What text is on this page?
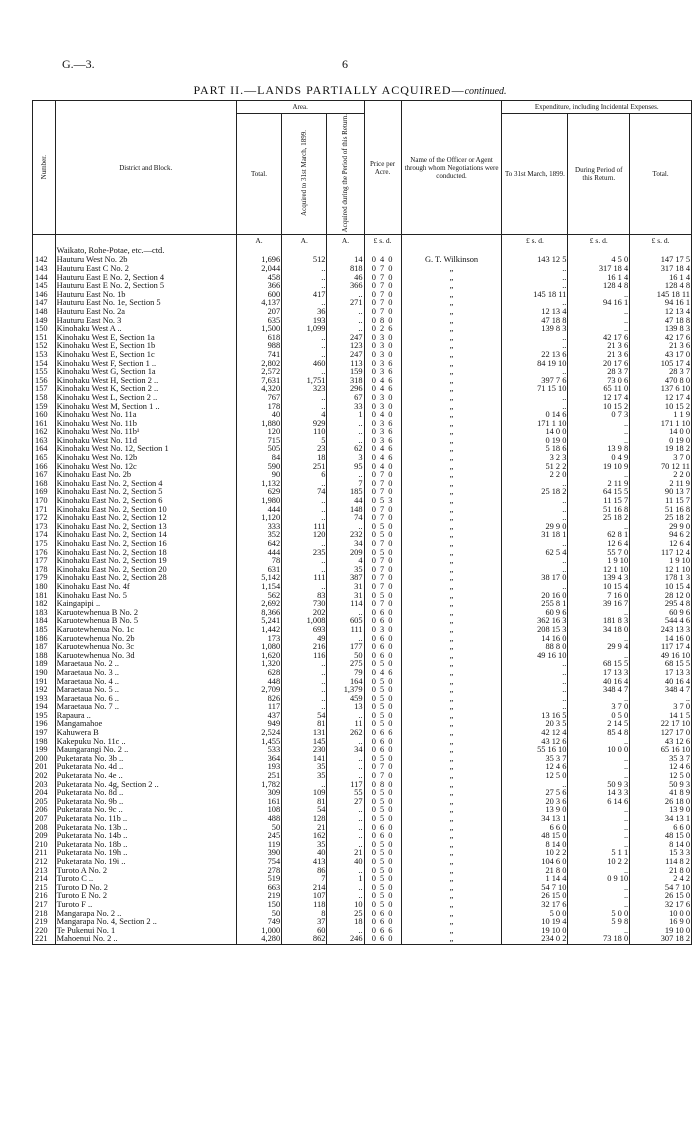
G.—3.	6
PART II.—LANDS PARTIALLY ACQUIRED—continued.
Number.	District and Block.	Area.			Price per Acre.	Name of the Officer or Agent through whom Negotiations were conducted.	Expenditure, including Incidental Expenses.		
		Total.	Acquired to 31st March, 1899.	Acquired during the Period of this Return.			To 31st March, 1899.	During Period of this Return.	Total.
		A.	A.	A.	£ s. d.		£ s. d.	£ s. d.	£ s. d.
	Waikato, Rohe-Potae, etc.—ctd.								
142	Hauturu West No. 2b	1,696	512	14	0 4 0	G. T. Wilkinson	143 12 5	4 5 0	147 17 5
143	Hauturu East C No. 2	2,044	..	818	0 7 0	„	..	317 18 4	317 18 4
144	Hauturu East E No. 2, Section 4	458	..	46	0 7 0	„	..	16 1 4	16 1 4
145	Hauturu East E No. 2, Section 5	366	..	366	0 7 0	„	..	128 4 8	128 4 8
146	Hauturu East No. 1b	600	417	..	0 7 0	„	145 18 11	..	145 18 11
147	Hauturu East No. 1e, Section 5	4,137	..	271	0 7 0	„	..	94 16 1	94 16 1
148	Hauturu East No. 2a	207	36	..	0 7 0	„	12 13 4	..	12 13 4
149	Hauturu East No. 3	635	193	..	0 8 0	„	47 18 8	..	47 18 8
150	Kinohaku West A ..	1,500	1,099	..	0 2 6	„	139 8 3	..	139 8 3
151	Kinohaku West E, Section 1a	618	..	247	0 3 0	„	..	42 17 6	42 17 6
152	Kinohaku West E, Section 1b	988	..	123	0 3 0	„	..	21 3 6	21 3 6
153	Kinohaku West E, Section 1c	741	..	247	0 3 0	„	22 13 6	21 3 6	43 17 0
154	Kinohaku West F, Section 1 ..	2,802	460	113	0 3 6	„	84 19 10	20 17 6	105 17 4
155	Kinohaku West G, Section 1a	2,572	..	159	0 3 6	„	..	28 3 7	28 3 7
156	Kinohaku West H, Section 2 ..	7,631	1,751	318	0 4 6	„	397 7 6	73 0 6	470 8 0
157	Kinohaku West K, Section 2 ..	4,320	323	296	0 4 6	„	71 15 10	65 11 0	137 6 10
158	Kinohaku West L, Section 2 ..	767	..	67	0 3 0	„	..	12 17 4	12 17 4
159	Kinohaku West M, Section 1 ..	178	..	33	0 3 0	„	..	10 15 2	10 15 2
160	Kinohaku West No. 11a	40	4	1	0 4 0	„	0 14 6	0 7 3	1 1 9
161	Kinohaku West No. 11b	1,880	929	..	0 3 6	„	171 1 10	..	171 1 10
162	Kinohaku West No. 11b¹	120	110	..	0 3 6	„	14 0 0	..	14 0 0
163	Kinohaku West No. 11d	715	5	..	0 3 6	„	0 19 0	..	0 19 0
164	Kinohaku West No. 12, Section 1	505	23	62	0 4 6	„	5 18 6	13 9 8	19 18 2
165	Kinohaku West No. 12b	84	18	3	0 4 6	„	3 2 3	0 4 9	3 7 0
166	Kinohaku West No. 12c	590	251	95	0 4 0	„	51 2 2	19 10 9	70 12 11
167	Kinohaku East No. 2b	90	6	..	0 7 0	„	2 2 0	..	2 2 0
168	Kinohaku East No. 2, Section 4	1,132	..	7	0 7 0	„	..	2 11 9	2 11 9
169	Kinohaku East No. 2, Section 5	629	74	185	0 7 0	„	25 18 2	64 15 5	90 13 7
170	Kinohaku East No. 2, Section 6	1,980	..	44	0 5 3	„	..	11 15 7	11 15 7
171	Kinohaku East No. 2, Section 10	444	..	148	0 7 0	„	..	51 16 8	51 16 8
172	Kinohaku East No. 2, Section 12	1,120	..	74	0 7 0	„	..	25 18 2	25 18 2
173	Kinohaku East No. 2, Section 13	333	111	..	0 5 0	„	29 9 0	..	29 9 0
174	Kinohaku East No. 2, Section 14	352	120	232	0 5 0	„	31 18 1	62 8 1	94 6 2
175	Kinohaku East No. 2, Section 16	642	..	34	0 7 0	„	..	12 6 4	12 6 4
176	Kinohaku East No. 2, Section 18	444	235	209	0 5 0	„	62 5 4	55 7 0	117 12 4
177	Kinohaku East No. 2, Section 19	78	..	4	0 7 0	„	..	1 9 10	1 9 10
178	Kinohaku East No. 2, Section 20	631	..	35	0 7 0	„	..	12 1 10	12 1 10
179	Kinohaku East No. 2, Section 28	5,142	111	387	0 7 0	„	38 17 0	139 4 3	178 1 3
180	Kinohaku East No. 4f	1,154	..	31	0 7 0	„	..	10 15 4	10 15 4
181	Kinohaku East No. 5	562	83	31	0 5 0	„	20 16 0	7 16 0	28 12 0
182	Kaingapipi ..	2,692	730	114	0 7 0	„	255 8 1	39 16 7	295 4 8
183	Karuotewhenua B No. 2	8,366	202	..	0 6 0	„	60 9 6	..	60 9 6
184	Karuotewhenua B No. 5	5,241	1,008	605	0 6 0	„	362 16 3	181 8 3	544 4 6
185	Karuotewhenua No. 1c	1,442	693	111	0 3 0	„	208 15 3	34 18 0	243 13 3
186	Karuotewhenua No. 2b	173	49	..	0 6 0	„	14 16 0	..	14 16 0
187	Karuotewhenua No. 3c	1,080	216	177	0 6 0	„	88 8 0	29 9 4	117 17 4
188	Karuotewhenua No. 3d	1,620	116	50	0 6 0	„	49 16 10	..	49 16 10
189	Maraetaua No. 2 ..	1,320	..	275	0 5 0	„	..	68 15 5	68 15 5
190	Maraetaua No. 3 ..	628	..	79	0 4 6	„	..	17 13 3	17 13 3
191	Maraetaua No. 4 ..	448	..	164	0 5 0	„	..	40 16 4	40 16 4
192	Maraetaua No. 5 ..	2,709	..	1,379	0 5 0	„	..	348 4 7	348 4 7
193	Maraetaua No. 6 ..	826	..	459	0 5 0	„	..	..	..
194	Maraetaua No. 7 ..	117	..	13	0 5 0	„	..	3 7 0	3 7 0
195	Rapaura ..	437	54	..	0 5 0	„	13 16 5	0 5 0	14 1 5
196	Mangamahoe	949	81	11	0 5 0	„	20 3 5	2 14 5	22 17 10
197	Kahuwera B	2,524	131	262	0 6 6	„	42 12 4	85 4 8	127 17 0
198	Kakepuku No. 11c ..	1,455	145	..	0 6 0	„	43 12 6	..	43 12 6
199	Maungarangi No. 2 ..	533	230	34	0 6 0	„	55 16 10	10 0 0	65 16 10
200	Puketarata No. 3b ..	364	141	..	0 5 0	„	35 3 7	..	35 3 7
201	Puketarata No. 4d ..	193	35	..	0 7 0	„	12 4 6	..	12 4 6
202	Puketarata No. 4e ..	251	35	..	0 7 0	„	12 5 0	..	12 5 0
203	Puketarata No. 4g, Section 2 ..	1,782	..	117	0 8 0	„	..	50 9 3	50 9 3
204	Puketarata No. 8d ..	309	109	55	0 5 0	„	27 5 6	14 3 3	41 8 9
205	Puketarata No. 9b ..	161	81	27	0 5 0	„	20 3 6	6 14 6	26 18 0
206	Puketarata No. 9c ..	108	54	..	0 5 0	„	13 9 0	..	13 9 0
207	Puketarata No. 11b ..	488	128	..	0 5 0	„	34 13 1	..	34 13 1
208	Puketarata No. 13b ..	50	21	..	0 6 0	„	6 6 0	..	6 6 0
209	Puketarata No. 14b ..	245	162	..	0 6 0	„	48 15 0	..	48 15 0
210	Puketarata No. 18b ..	119	35	..	0 5 0	„	8 14 0	..	8 14 0
211	Puketarata No. 19h ..	390	40	21	0 5 0	„	10 2 2	5 1 1	15 3 3
212	Puketarata No. 19i ..	754	413	40	0 5 0	„	104 6 0	10 2 2	114 8 2
213	Turoto A No. 2	278	86	..	0 5 0	„	21 8 0	..	21 8 0
214	Turoto C ..	519	7	1	0 5 0	„	1 14 4	0 9 10	2 4 2
215	Turoto D No. 2	663	214	..	0 5 0	„	54 7 10	..	54 7 10
216	Turoto E No. 2	219	107	..	0 5 0	„	26 15 0	..	26 15 0
217	Turoto F ..	150	118	10	0 5 0	„	32 17 6	..	32 17 6
218	Mangarapa No. 2 ..	50	8	25	0 6 0	„	5 0 0	5 0 0	10 0 0
219	Mangarapa No. 4, Section 2 ..	749	37	18	0 6 0	„	10 19 4	5 9 8	16 9 0
220	Te Pukenui No. 1	1,000	60	..	0 6 6	„	19 10 0	..	19 10 0
221	Mahoenui No. 2 ..	4,280	862	246	0 6 0	„	234 0 2	73 18 0	307 18 2
